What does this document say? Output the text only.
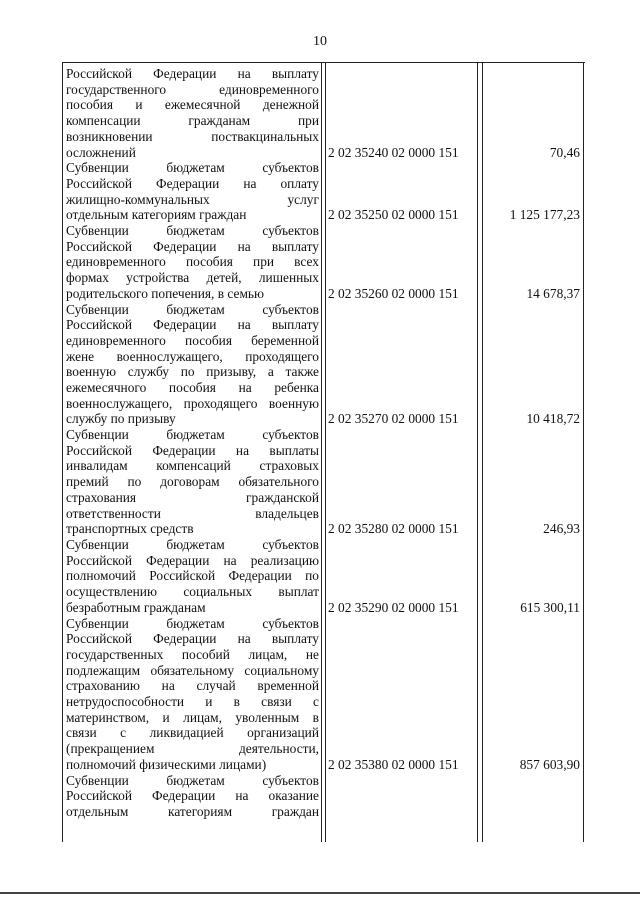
10
Российской Федерации на выплату
государственного единовременного
пособия и ежемесячной денежной
компенсации гражданам при
возникновении поствакцинальных
осложнений	2 02 35240 02 0000 151	70,46
Субвенции бюджетам субъектов
Российской Федерации на оплату
жилищно-коммунальных услуг
отдельным категориям граждан	2 02 35250 02 0000 151	1 125 177,23
Субвенции бюджетам субъектов
Российской Федерации на выплату
единовременного пособия при всех
формах устройства детей, лишенных
родительского попечения, в семью	2 02 35260 02 0000 151	14 678,37
Субвенции бюджетам субъектов
Российской Федерации на выплату
единовременного пособия беременной
жене военнослужащего, проходящего
военную службу по призыву, а также
ежемесячного пособия на ребенка
военнослужащего, проходящего военную
службу по призыву	2 02 35270 02 0000 151	10 418,72
Субвенции бюджетам субъектов
Российской Федерации на выплаты
инвалидам компенсаций страховых
премий по договорам обязательного
страхования гражданской
ответственности владельцев
транспортных средств	2 02 35280 02 0000 151	246,93
Субвенции бюджетам субъектов
Российской Федерации на реализацию
полномочий Российской Федерации по
осуществлению социальных выплат
безработным гражданам	2 02 35290 02 0000 151	615 300,11
Субвенции бюджетам субъектов
Российской Федерации на выплату
государственных пособий лицам, не
подлежащим обязательному социальному
страхованию на случай временной
нетрудоспособности и в связи с
материнством, и лицам, уволенным в
связи с ликвидацией организаций
(прекращением деятельности,
полномочий физическими лицами)	2 02 35380 02 0000 151	857 603,90
Субвенции бюджетам субъектов
Российской Федерации на оказание
отдельным категориям граждан
